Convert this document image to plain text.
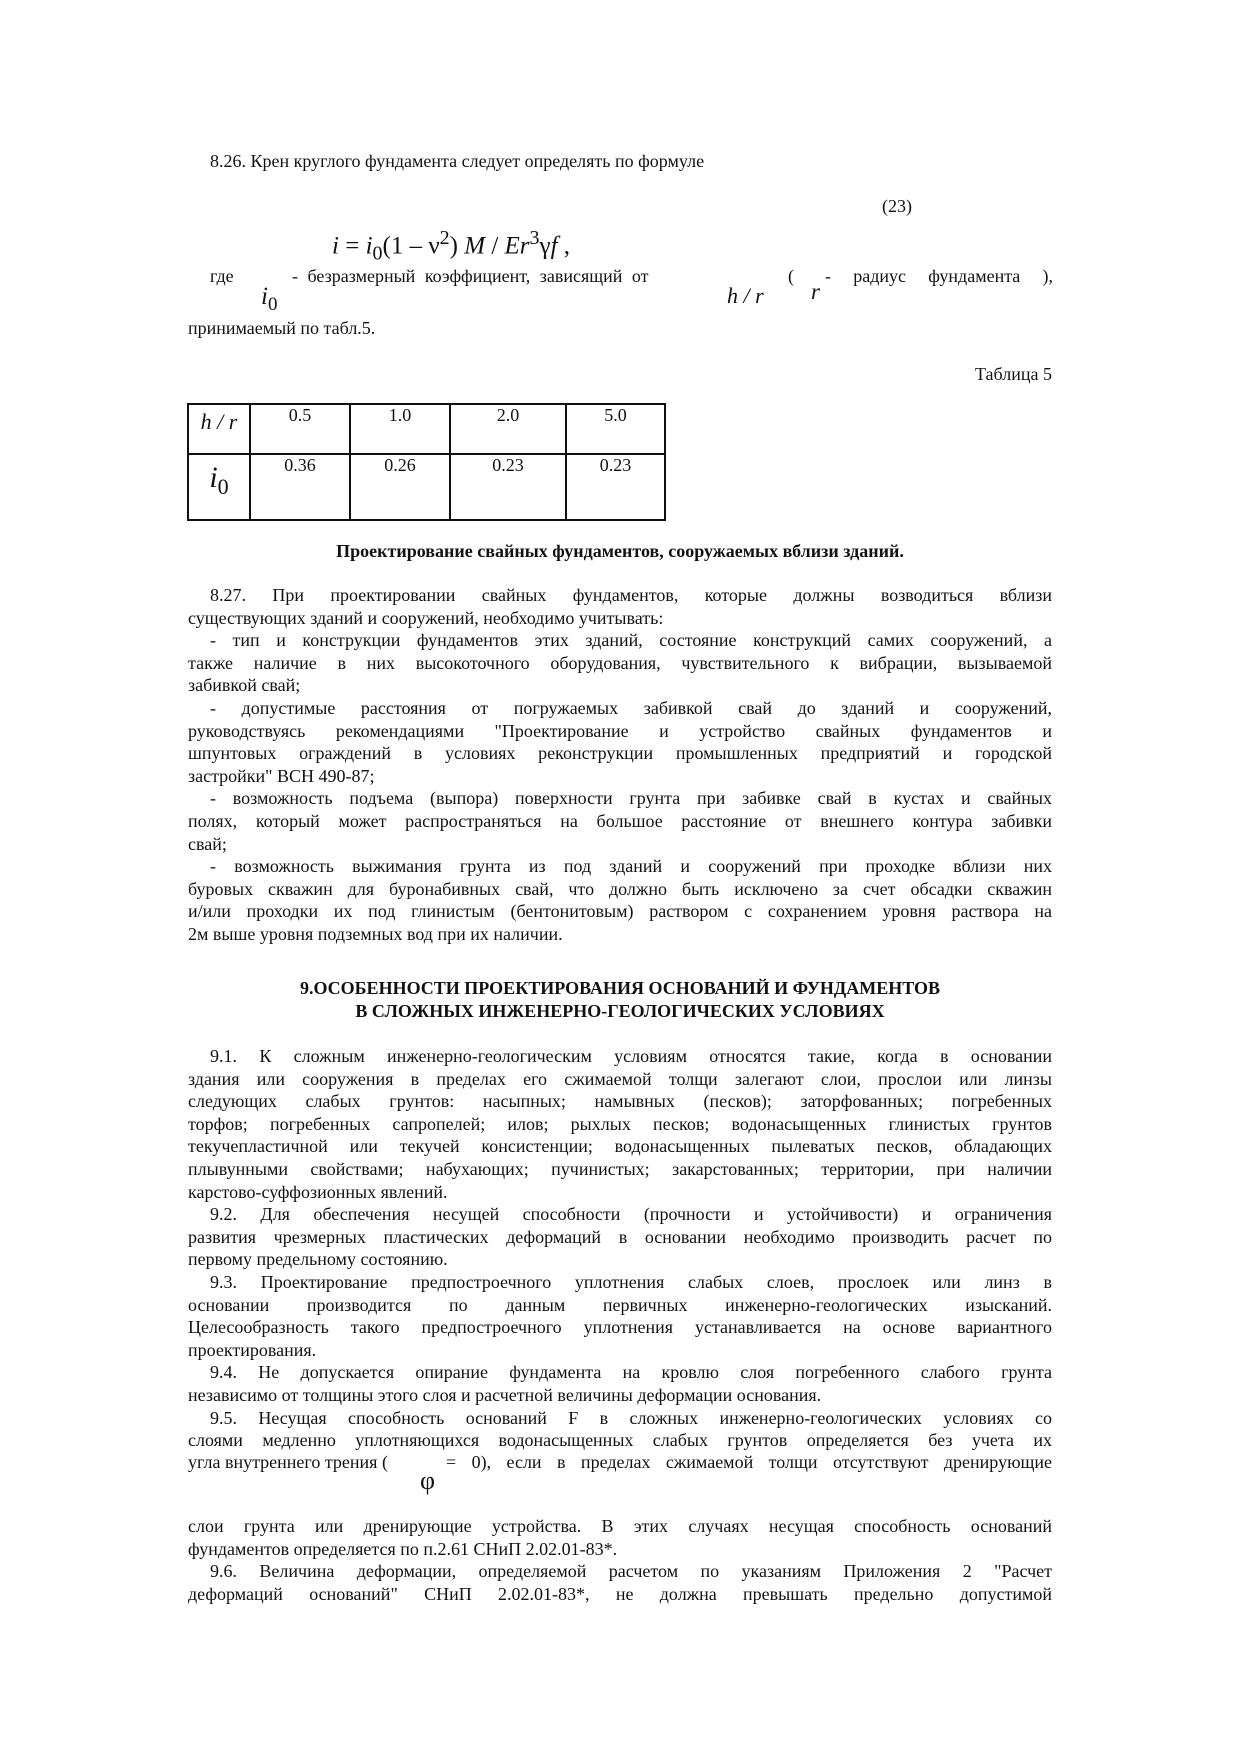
8.26. Крен круглого фундамента следует определять по формуле
(23)
$i = i_0(1 - \nu^2)$ M / Er$^3$γf ,
где
$i_0$
- безразмерный коэффициент, зависящий от
h / r
(
r
- радиус фундамента ),
принимаемый по табл.5.
Таблица 5
h / r	0.5	1.0	2.0	5.0
$i_0$	0.36	0.26	0.23	0.23
Проектирование свайных фундаментов, сооружаемых вблизи зданий.
8.27. При проектировании свайных фундаментов, которые должны возводиться вблизи
существующих зданий и сооружений, необходимо учитывать:
- тип и конструкции фундаментов этих зданий, состояние конструкций самих сооружений, а
также наличие в них высокоточного оборудования, чувствительного к вибрации, вызываемой
забивкой свай;
- допустимые расстояния от погружаемых забивкой свай до зданий и сооружений,
руководствуясь рекомендациями "Проектирование и устройство свайных фундаментов и
шпунтовых ограждений в условиях реконструкции промышленных предприятий и городской
застройки" ВСН 490-87;
- возможность подъема (выпора) поверхности грунта при забивке свай в кустах и свайных
полях, который может распространяться на большое расстояние от внешнего контура забивки
свай;
- возможность выжимания грунта из под зданий и сооружений при проходке вблизи них
буровых скважин для буронабивных свай, что должно быть исключено за счет обсадки скважин
и/или проходки их под глинистым (бентонитовым) раствором с сохранением уровня раствора на
2м выше уровня подземных вод при их наличии.
9.ОСОБЕННОСТИ ПРОЕКТИРОВАНИЯ ОСНОВАНИЙ И ФУНДАМЕНТОВ
В СЛОЖНЫХ ИНЖЕНЕРНО-ГЕОЛОГИЧЕСКИХ УСЛОВИЯХ
9.1. К сложным инженерно-геологическим условиям относятся такие, когда в основании
здания или сооружения в пределах его сжимаемой толщи залегают слои, прослои или линзы
следующих слабых грунтов: насыпных; намывных (песков); заторфованных; погребенных
торфов; погребенных сапропелей; илов; рыхлых песков; водонасыщенных глинистых грунтов
текучепластичной или текучей консистенции; водонасыщенных пылеватых песков, обладающих
плывунными свойствами; набухающих; пучинистых; закарстованных; территории, при наличии
карстово-суффозионных явлений.
9.2. Для обеспечения несущей способности (прочности и устойчивости) и ограничения
развития чрезмерных пластических деформаций в основании необходимо производить расчет по
первому предельному состоянию.
9.3. Проектирование предпостроечного уплотнения слабых слоев, прослоек или линз в
основании производится по данным первичных инженерно-геологических изысканий.
Целесообразность такого предпостроечного уплотнения устанавливается на основе вариантного
проектирования.
9.4. Не допускается опирание фундамента на кровлю слоя погребенного слабого грунта
независимо от толщины этого слоя и расчетной величины деформации основания.
9.5. Несущая способность оснований F в сложных инженерно-геологических условиях со
слоями медленно уплотняющихся водонасыщенных слабых грунтов определяется без учета их
угла внутреннего трения (
φ
= 0), если в пределах сжимаемой толщи отсутствуют дренирующие
слои грунта или дренирующие устройства. В этих случаях несущая способность оснований
фундаментов определяется по п.2.61 СНиП 2.02.01-83*.
9.6. Величина деформации, определяемой расчетом по указаниям Приложения 2 "Расчет
деформаций оснований" СНиП 2.02.01-83*, не должна превышать предельно допустимой
